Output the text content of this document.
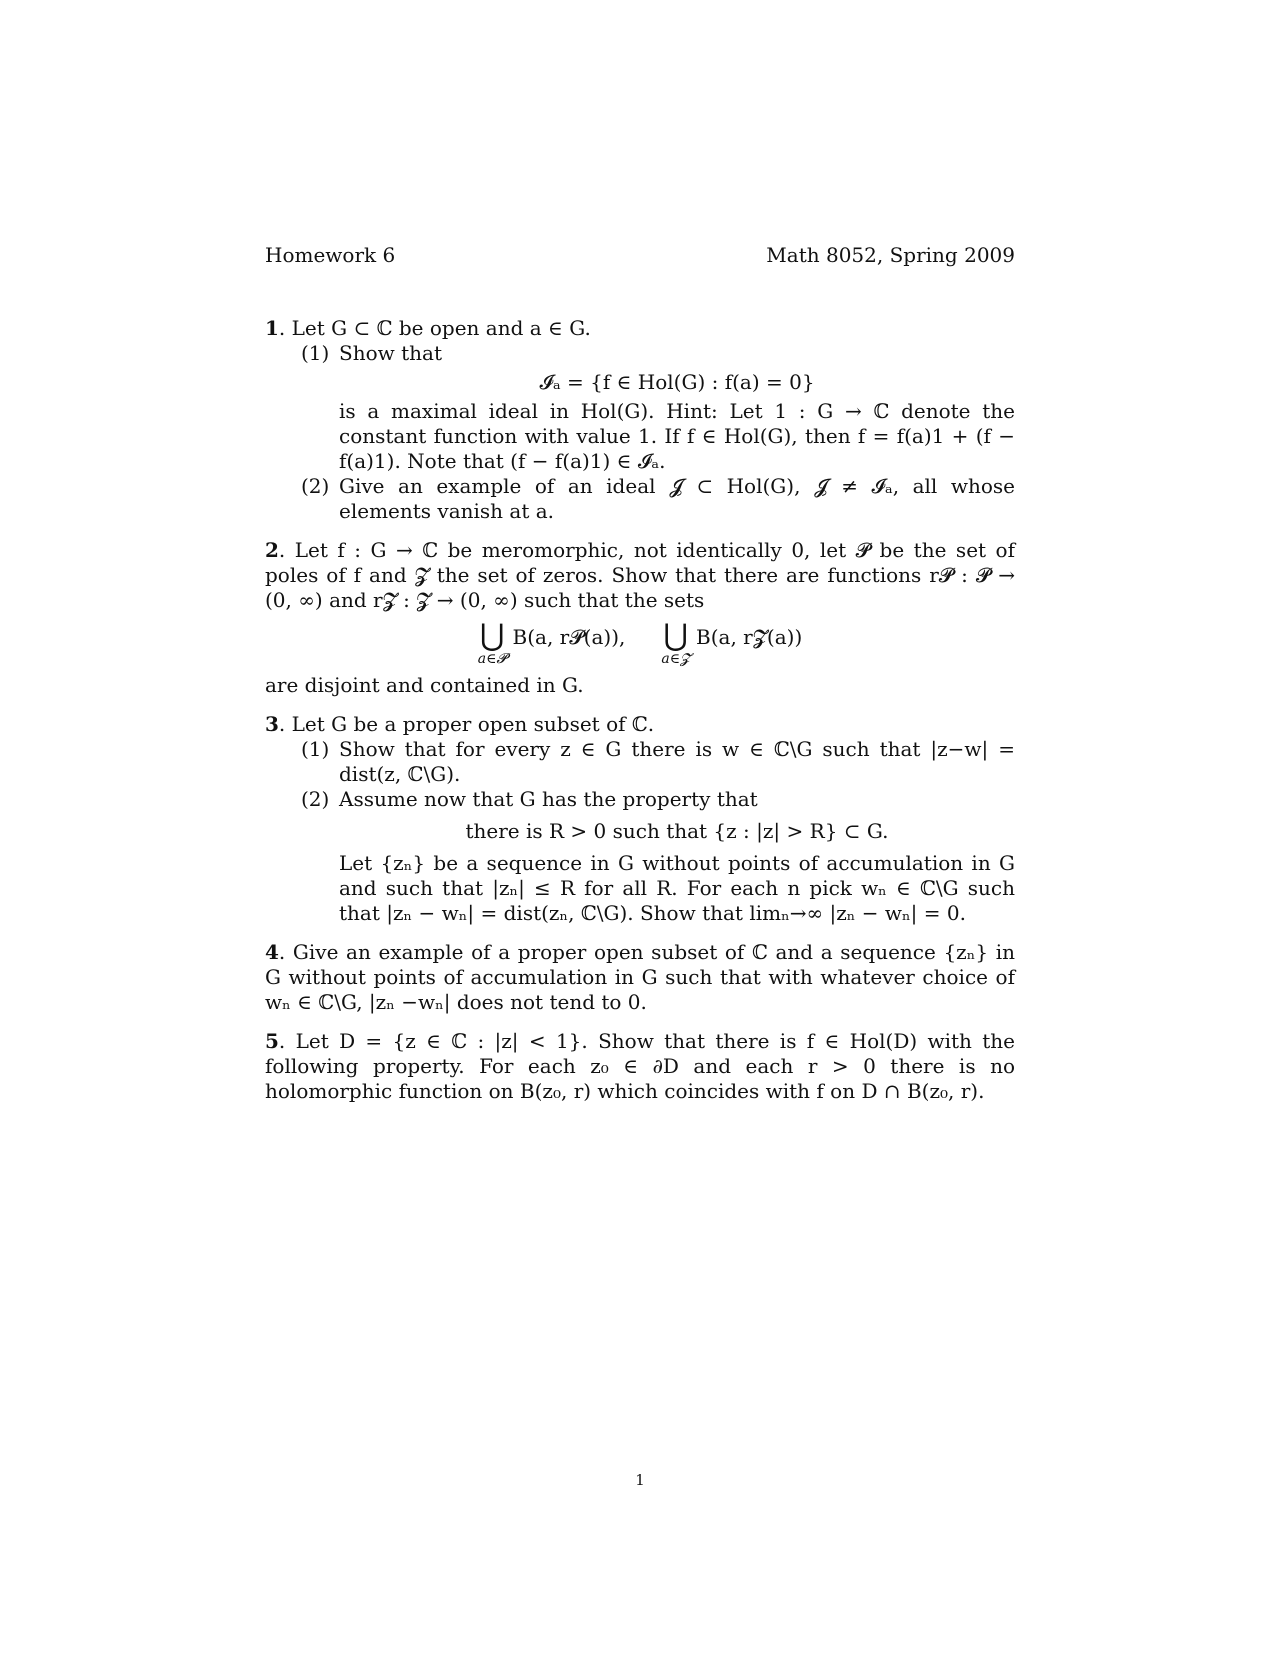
Homework 6	Math 8052, Spring 2009

1. Let G ⊂ ℂ be open and a ∈ G.

(1) Show that

𝓘ₐ = {f ∈ Hol(G) : f(a) = 0}

is a maximal ideal in Hol(G). Hint: Let 1 : G → ℂ denote the constant function with value 1. If f ∈ Hol(G), then f = f(a)1 + (f − f(a)1). Note that (f − f(a)1) ∈ 𝓘ₐ.

(2) Give an example of an ideal 𝓙 ⊂ Hol(G), 𝓙 ≠ 𝓘ₐ, all whose elements vanish at a.

2. Let f : G → ℂ be meromorphic, not identically 0, let 𝓟 be the set of poles of f and 𝓩 the set of zeros. Show that there are functions r𝓟 : 𝓟 → (0, ∞) and r𝓩 : 𝓩 → (0, ∞) such that the sets

⋃
a∈𝓟
B(a, r𝓟(a)), ⋃
a∈𝓩
B(a, r𝓩(a))

are disjoint and contained in G.

3. Let G be a proper open subset of ℂ.

(1) Show that for every z ∈ G there is w ∈ ℂ\G such that |z−w| = dist(z, ℂ\G).

(2) Assume now that G has the property that

there is R > 0 such that {z : |z| > R} ⊂ G.

Let {zₙ} be a sequence in G without points of accumulation in G and such that |zₙ| ≤ R for all R. For each n pick wₙ ∈ ℂ\G such that |zₙ − wₙ| = dist(zₙ, ℂ\G). Show that limₙ→∞ |zₙ − wₙ| = 0.

4. Give an example of a proper open subset of ℂ and a sequence {zₙ} in G without points of accumulation in G such that with whatever choice of wₙ ∈ ℂ\G, |zₙ −wₙ| does not tend to 0.

5. Let D = {z ∈ ℂ : |z| < 1}. Show that there is f ∈ Hol(D) with the following property. For each z₀ ∈ ∂D and each r > 0 there is no holomorphic function on B(z₀, r) which coincides with f on D ∩ B(z₀, r).

1
